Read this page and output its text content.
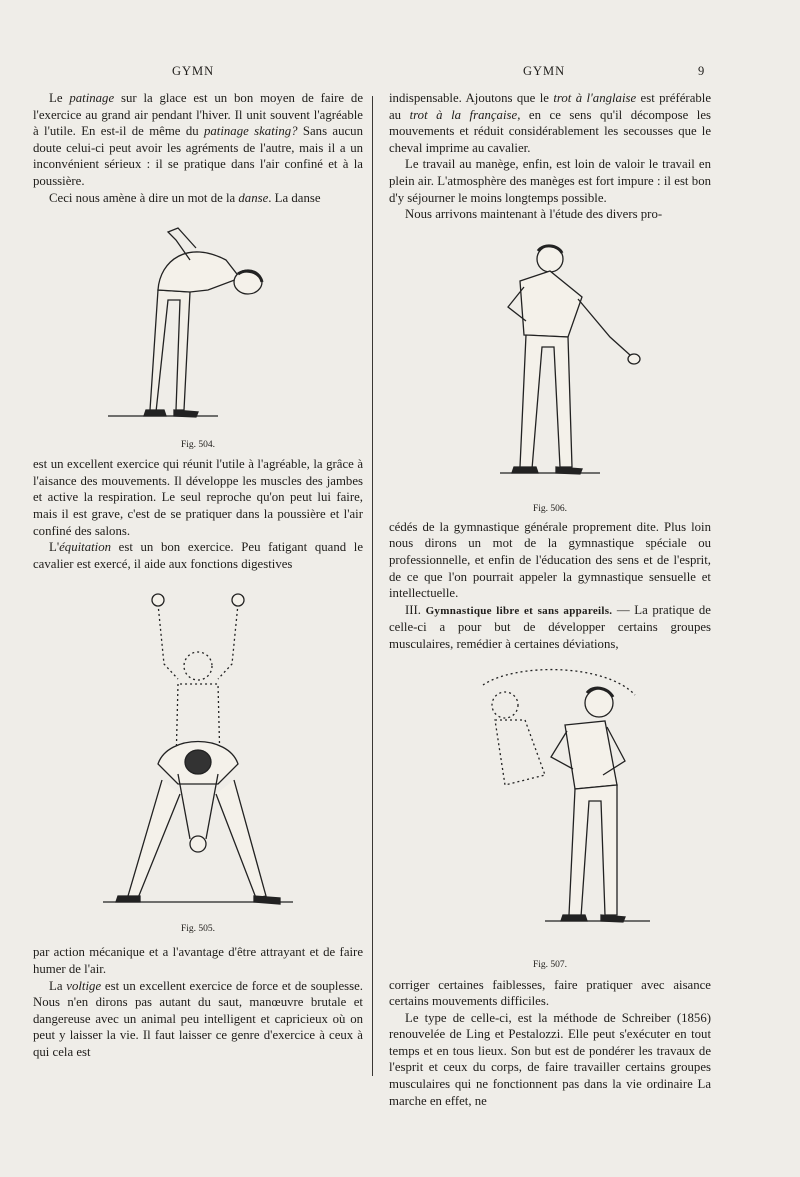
GYMN	GYMN	9

Le patinage sur la glace est un bon moyen de faire de l'exercice au grand air pendant l'hiver. Il unit souvent l'agréable à l'utile. En est-il de même du patinage skating? Sans aucun doute celui-ci peut avoir les agréments de l'autre, mais il a un inconvénient sérieux : il se pratique dans l'air confiné et à la poussière.

Ceci nous amène à dire un mot de la danse. La danse

Fig. 504.

est un excellent exercice qui réunit l'utile à l'agréable, la grâce à l'aisance des mouvements. Il développe les muscles des jambes et active la respiration. Le seul reproche qu'on peut lui faire, mais il est grave, c'est de se pratiquer dans la poussière et l'air confiné des salons.

L'équitation est un bon exercice. Peu fatigant quand le cavalier est exercé, il aide aux fonctions digestives

Fig. 505.

par action mécanique et a l'avantage d'être attrayant et de faire humer de l'air.

La voltige est un excellent exercice de force et de souplesse. Nous n'en dirons pas autant du saut, manœuvre brutale et dangereuse avec un animal peu intelligent et capricieux où on peut y laisser la vie. Il faut laisser ce genre d'exercice à ceux à qui cela est

indispensable. Ajoutons que le trot à l'anglaise est préférable au trot à la française, en ce sens qu'il décompose les mouvements et réduit considérablement les secousses que le cheval imprime au cavalier.

Le travail au manège, enfin, est loin de valoir le travail en plein air. L'atmosphère des manèges est fort impure : il est bon d'y séjourner le moins longtemps possible.

Nous arrivons maintenant à l'étude des divers pro-

Fig. 506.

cédés de la gymnastique générale proprement dite. Plus loin nous dirons un mot de la gymnastique spéciale ou professionnelle, et enfin de l'éducation des sens et de l'esprit, de ce que l'on pourrait appeler la gymnastique sensuelle et intellectuelle.

III. Gymnastique libre et sans appareils. — La pratique de celle-ci a pour but de développer certains groupes musculaires, remédier à certaines déviations,

Fig. 507.

corriger certaines faiblesses, faire pratiquer avec aisance certains mouvements difficiles.

Le type de celle-ci, est la méthode de Schreiber (1856) renouvelée de Ling et Pestalozzi. Elle peut s'exécuter en tout temps et en tous lieux. Son but est de pondérer les travaux de l'esprit et ceux du corps, de faire travailler certains groupes musculaires qui ne fonctionnent pas dans la vie ordinaire La marche en effet, ne
